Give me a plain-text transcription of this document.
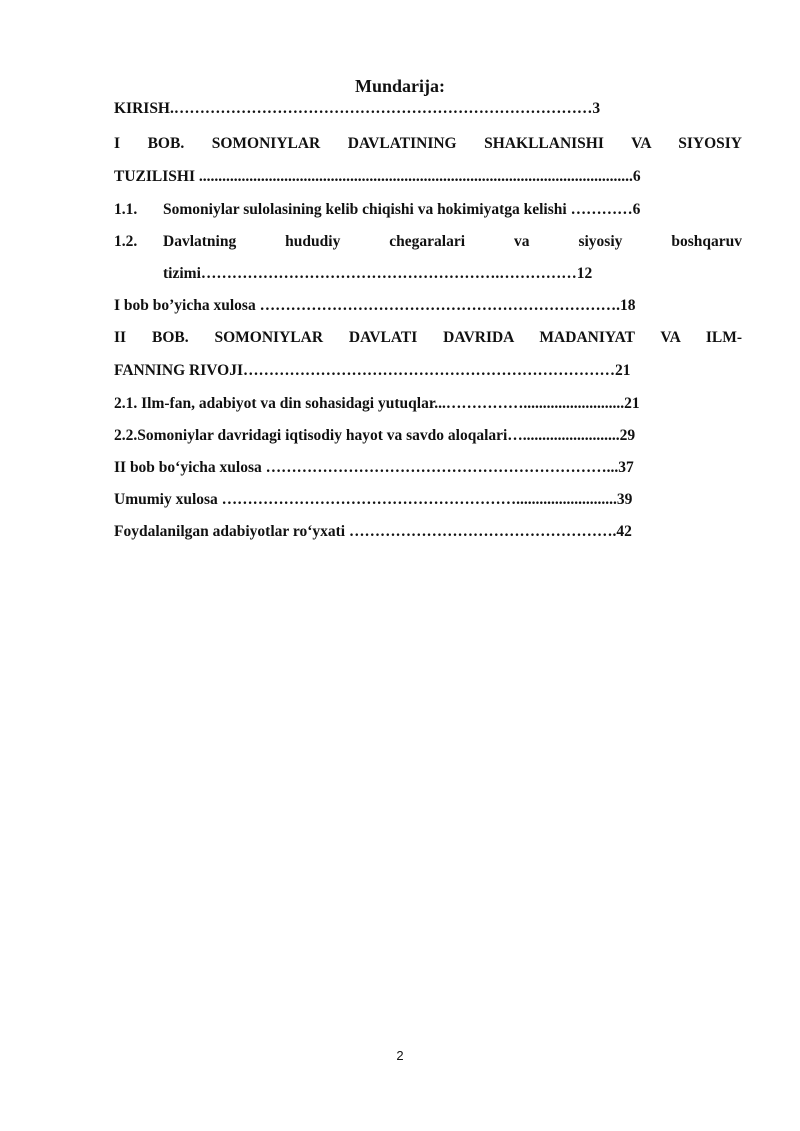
Mundarija:
KIRISH.………………………………………………………………………3
I BOB. SOMONIYLAR DAVLATINING SHAKLLANISHI VA SIYOSIY
TUZILISHI ................................................................................................................6
1.1. Somoniylar sulolasining kelib chiqishi va hokimiyatga kelishi …………6
1.2. Davlatning hududiy chegaralari va siyosiy boshqaruv
tizimi………………………………………………….……………12
I bob bo’yicha xulosa …………………………………………………………….18
II BOB. SOMONIYLAR DAVLATI DAVRIDA MADANIYAT VA ILM-
FANNING RIVOJI………………………………………………………………21
2.1. Ilm-fan, adabiyot va din sohasidagi yutuqlar...……………..........................21
2.2.Somoniylar davridagi iqtisodiy hayot va savdo aloqalari….........................29
II bob bo‘yicha xulosa …………………………………………………………...37
Umumiy xulosa …………………………………………………..........................39
Foydalanilgan adabiyotlar ro‘yxati …………………………………………….42
2
